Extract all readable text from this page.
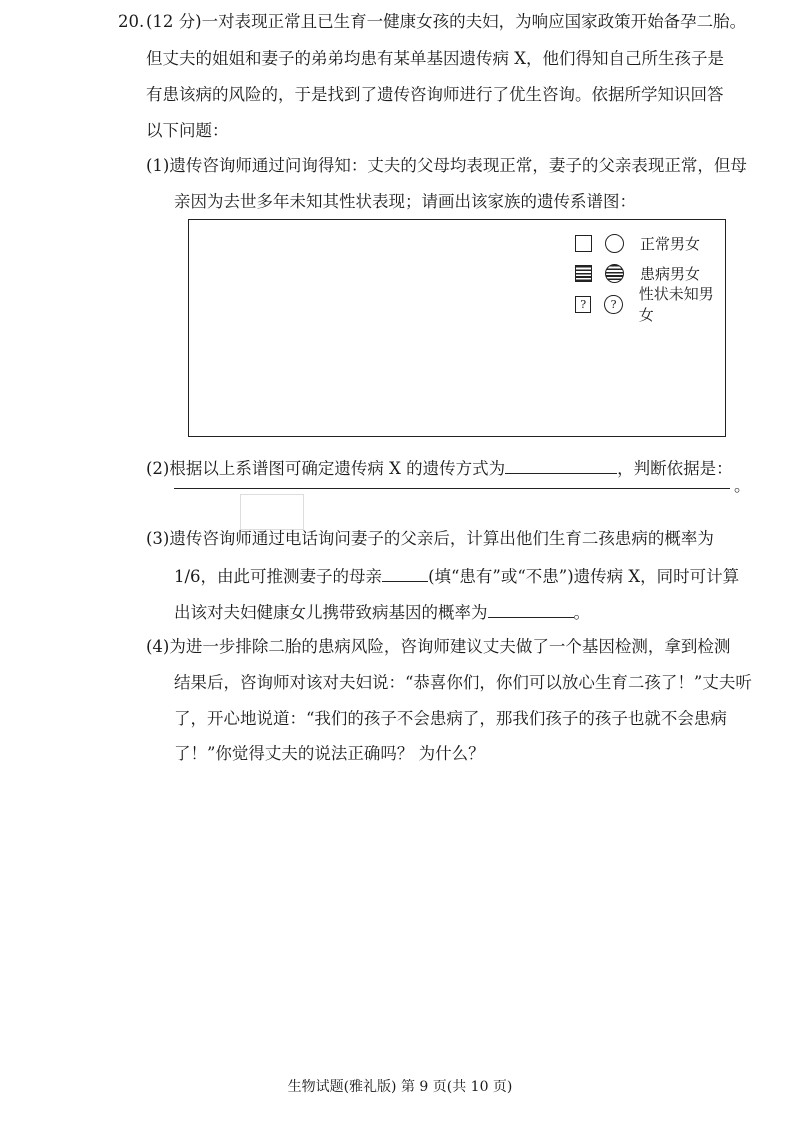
20. (12 分)一对表现正常且已生育一健康女孩的夫妇，为响应国家政策开始备孕二胎。
但丈夫的姐姐和妻子的弟弟均患有某单基因遗传病 X，他们得知自己所生孩子是
有患该病的风险的，于是找到了遗传咨询师进行了优生咨询。依据所学知识回答
以下问题：
(1)遗传咨询师通过问询得知：丈夫的父母均表现正常，妻子的父亲表现正常，但母
亲因为去世多年未知其性状表现；请画出该家族的遗传系谱图：
正常男女
患病男女
? ?
性状未知男女
(2)根据以上系谱图可确定遗传病 X 的遗传方式为	，判断依据是：
。
(3)遗传咨询师通过电话询问妻子的父亲后，计算出他们生育二孩患病的概率为
1/6，由此可推测妻子的母亲	(填“患有”或“不患”)遗传病 X，同时可计算
出该对夫妇健康女儿携带致病基因的概率为	。
(4)为进一步排除二胎的患病风险，咨询师建议丈夫做了一个基因检测，拿到检测
结果后，咨询师对该对夫妇说：“恭喜你们，你们可以放心生育二孩了！”丈夫听
了，开心地说道：“我们的孩子不会患病了，那我们孩子的孩子也就不会患病
了！”你觉得丈夫的说法正确吗？ 为什么？
生物试题(雅礼版) 第 9 页(共 10 页)
